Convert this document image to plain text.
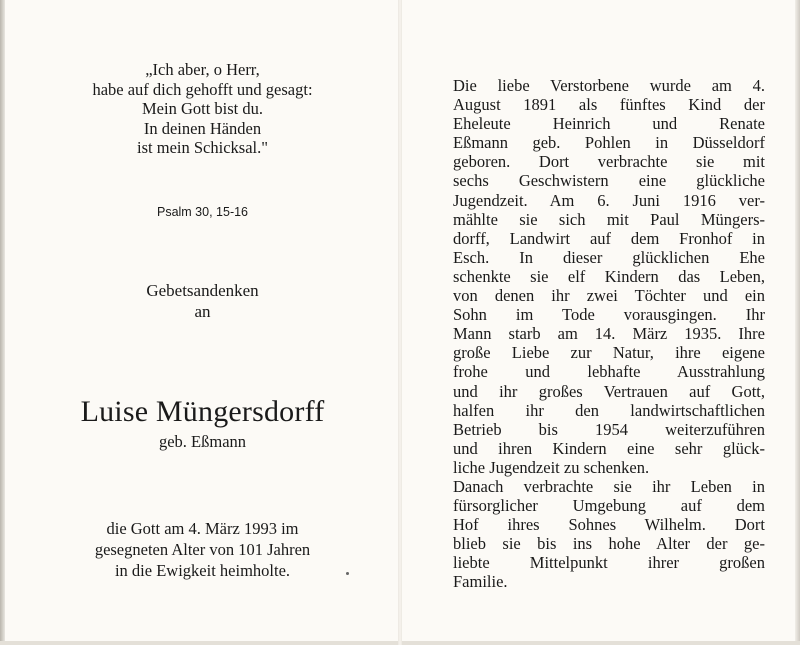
„Ich aber, o Herr,
habe auf dich gehofft und gesagt:
Mein Gott bist du.
In deinen Händen
ist mein Schicksal."
Psalm 30, 15-16
Gebetsandenken
an
Luise Müngersdorff
geb. Eßmann
die Gott am 4. März 1993 im
gesegneten Alter von 101 Jahren
in die Ewigkeit heimholte.
Die liebe Verstorbene wurde am 4.
August 1891 als fünftes Kind der
Eheleute Heinrich und Renate
Eßmann geb. Pohlen in Düsseldorf
geboren. Dort verbrachte sie mit
sechs Geschwistern eine glückliche
Jugendzeit. Am 6. Juni 1916 ver-
mählte sie sich mit Paul Müngers-
dorff, Landwirt auf dem Fronhof in
Esch. In dieser glücklichen Ehe
schenkte sie elf Kindern das Leben,
von denen ihr zwei Töchter und ein
Sohn im Tode vorausgingen. Ihr
Mann starb am 14. März 1935. Ihre
große Liebe zur Natur, ihre eigene
frohe und lebhafte Ausstrahlung
und ihr großes Vertrauen auf Gott,
halfen ihr den landwirtschaftlichen
Betrieb bis 1954 weiterzuführen
und ihren Kindern eine sehr glück-
liche Jugendzeit zu schenken.
Danach verbrachte sie ihr Leben in
fürsorglicher Umgebung auf dem
Hof ihres Sohnes Wilhelm. Dort
blieb sie bis ins hohe Alter der ge-
liebte Mittelpunkt ihrer großen
Familie.
